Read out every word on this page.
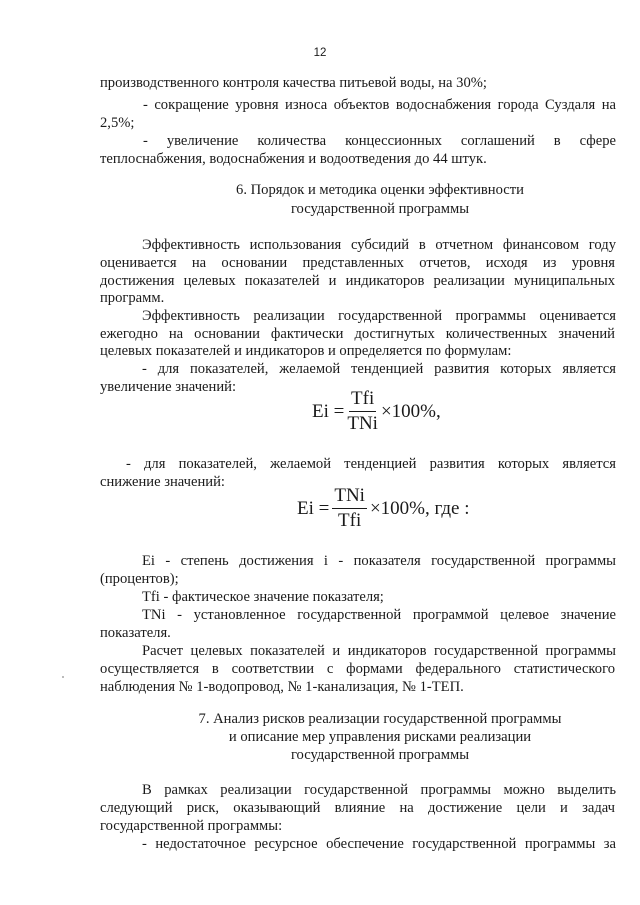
12
производственного контроля качества питьевой воды, на 30%;
- сокращение уровня износа объектов водоснабжения города Суздаля на
2,5%;
- увеличение количества концессионных соглашений в сфере
теплоснабжения, водоснабжения и водоотведения до 44 штук.
6. Порядок и методика оценки эффективности
государственной программы
Эффективность использования субсидий в отчетном финансовом году
оценивается на основании представленных отчетов, исходя из уровня
достижения целевых показателей и индикаторов реализации муниципальных
программ.
Эффективность реализации государственной программы оценивается
ежегодно на основании фактически достигнутых количественных значений
целевых показателей и индикаторов и определяется по формулам:
- для показателей, желаемой тенденцией развития которых является
увеличение значений:
$Ei = \frac{\text{Tfi}}{\text{TNi}} \times 100\%$,
- для показателей, желаемой тенденцией развития которых является
снижение значений:
$Ei = \frac{\text{TNi}}{\text{Tfi}} \times 100\%$, где :
Ei - степень достижения i - показателя государственной программы
(процентов);
Tfi - фактическое значение показателя;
TNi - установленное государственной программой целевое значение
показателя.
Расчет целевых показателей и индикаторов государственной программы
осуществляется в соответствии с формами федерального статистического
наблюдения № 1-водопровод, № 1-канализация, № 1-ТЕП.
7. Анализ рисков реализации государственной программы
и описание мер управления рисками реализации
государственной программы
В рамках реализации государственной программы можно выделить
следующий риск, оказывающий влияние на достижение цели и задач
государственной программы:
- недостаточное ресурсное обеспечение государственной программы за
